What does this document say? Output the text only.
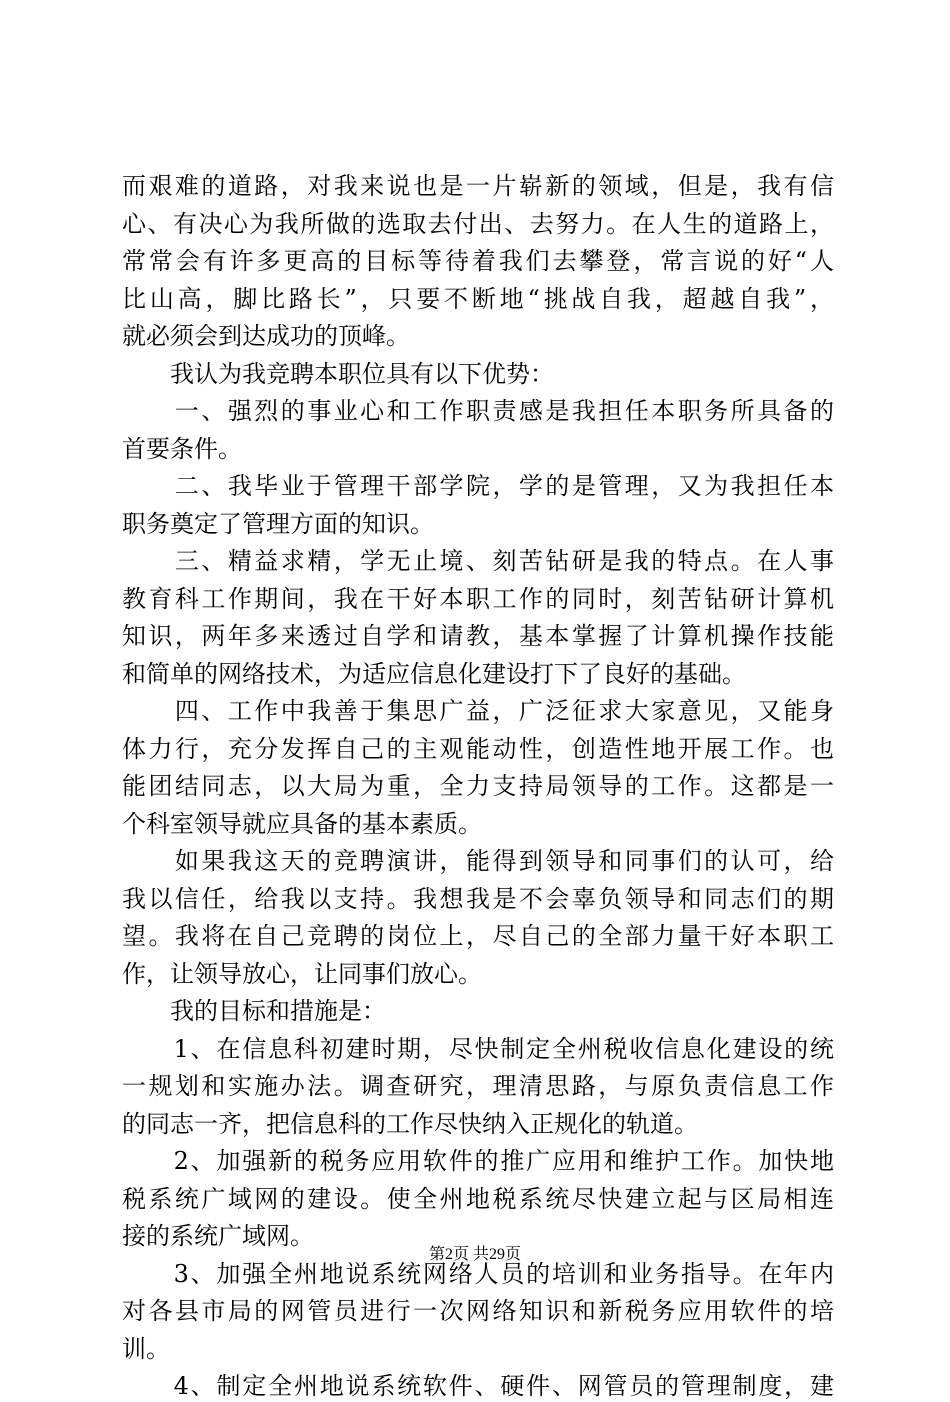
而艰难的道路，对我来说也是一片崭新的领域，但是，我有信
心、有决心为我所做的选取去付出、去努力。在人生的道路上，
常常会有许多更高的目标等待着我们去攀登，常言说的好“人
比山高，脚比路长”，只要不断地“挑战自我，超越自我”，
就必须会到达成功的顶峰。
　　我认为我竞聘本职位具有以下优势：
　　一、强烈的事业心和工作职责感是我担任本职务所具备的
首要条件。
　　二、我毕业于管理干部学院，学的是管理，又为我担任本
职务奠定了管理方面的知识。
　　三、精益求精，学无止境、刻苦钻研是我的特点。在人事
教育科工作期间，我在干好本职工作的同时，刻苦钻研计算机
知识，两年多来透过自学和请教，基本掌握了计算机操作技能
和简单的网络技术，为适应信息化建设打下了良好的基础。
　　四、工作中我善于集思广益，广泛征求大家意见，又能身
体力行，充分发挥自己的主观能动性，创造性地开展工作。也
能团结同志，以大局为重，全力支持局领导的工作。这都是一
个科室领导就应具备的基本素质。
　　如果我这天的竞聘演讲，能得到领导和同事们的认可，给
我以信任，给我以支持。我想我是不会辜负领导和同志们的期
望。我将在自己竞聘的岗位上，尽自己的全部力量干好本职工
作，让领导放心，让同事们放心。
　　我的目标和措施是：
　　1、在信息科初建时期，尽快制定全州税收信息化建设的统
一规划和实施办法。调查研究，理清思路，与原负责信息工作
的同志一齐，把信息科的工作尽快纳入正规化的轨道。
　　2、加强新的税务应用软件的推广应用和维护工作。加快地
税系统广域网的建设。使全州地税系统尽快建立起与区局相连
接的系统广域网。
　　3、加强全州地说系统网络人员的培训和业务指导。在年内
对各县市局的网管员进行一次网络知识和新税务应用软件的培
训。
　　4、制定全州地说系统软件、硬件、网管员的管理制度，建
第2页 共29页
